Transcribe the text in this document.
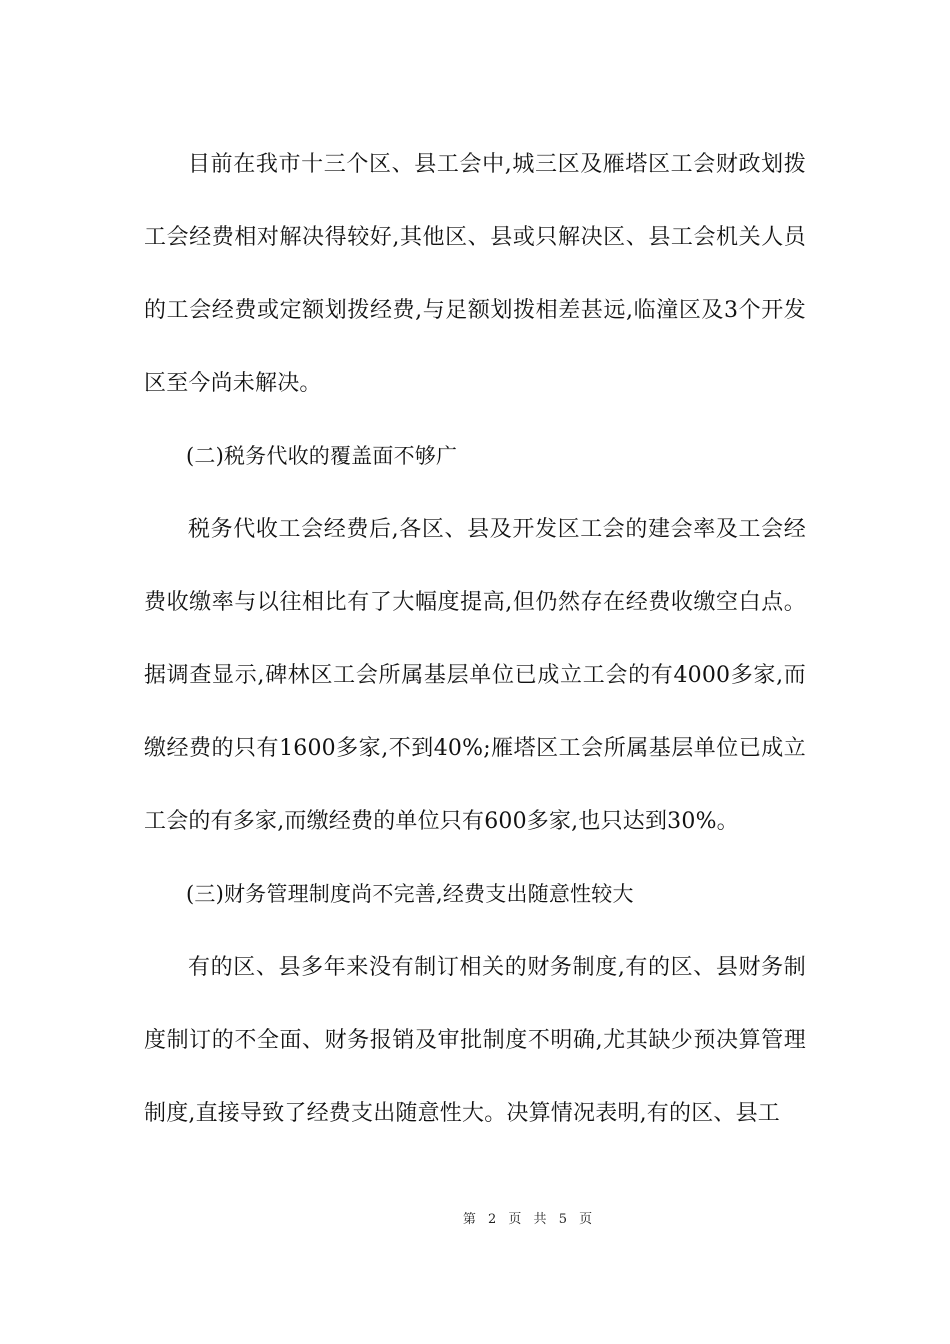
目前在我市十三个区、县工会中,城三区及雁塔区工会财政划拨工会经费相对解决得较好,其他区、县或只解决区、县工会机关人员的工会经费或定额划拨经费,与足额划拨相差甚远,临潼区及3个开发区至今尚未解决。

(二)税务代收的覆盖面不够广

税务代收工会经费后,各区、县及开发区工会的建会率及工会经费收缴率与以往相比有了大幅度提高,但仍然存在经费收缴空白点。据调查显示,碑林区工会所属基层单位已成立工会的有4000多家,而缴经费的只有1600多家,不到40%;雁塔区工会所属基层单位已成立工会的有多家,而缴经费的单位只有600多家,也只达到30%。

(三)财务管理制度尚不完善,经费支出随意性较大

有的区、县多年来没有制订相关的财务制度,有的区、县财务制度制订的不全面、财务报销及审批制度不明确,尤其缺少预决算管理制度,直接导致了经费支出随意性大。决算情况表明,有的区、县工

第 2 页 共 5 页
